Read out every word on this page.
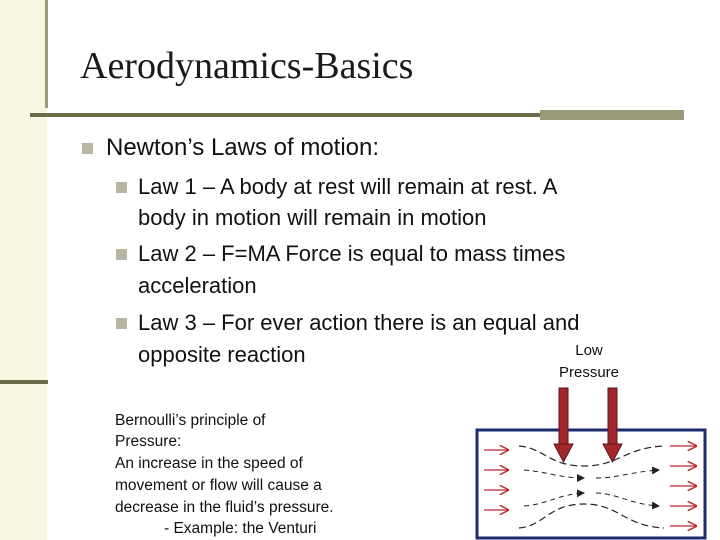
Aerodynamics-Basics
Newton’s Laws of motion:
Law 1 – A body at rest will remain at rest. A
body in motion will remain in motion
Law 2 – F=MA Force is equal to mass times
acceleration
Law 3 – For ever action there is an equal and
opposite reaction
Bernoulli’s principle of
Pressure:
An increase in the speed of
movement or flow will cause a
decrease in the fluid’s pressure.
- Example: the Venturi
Low
Pressure
